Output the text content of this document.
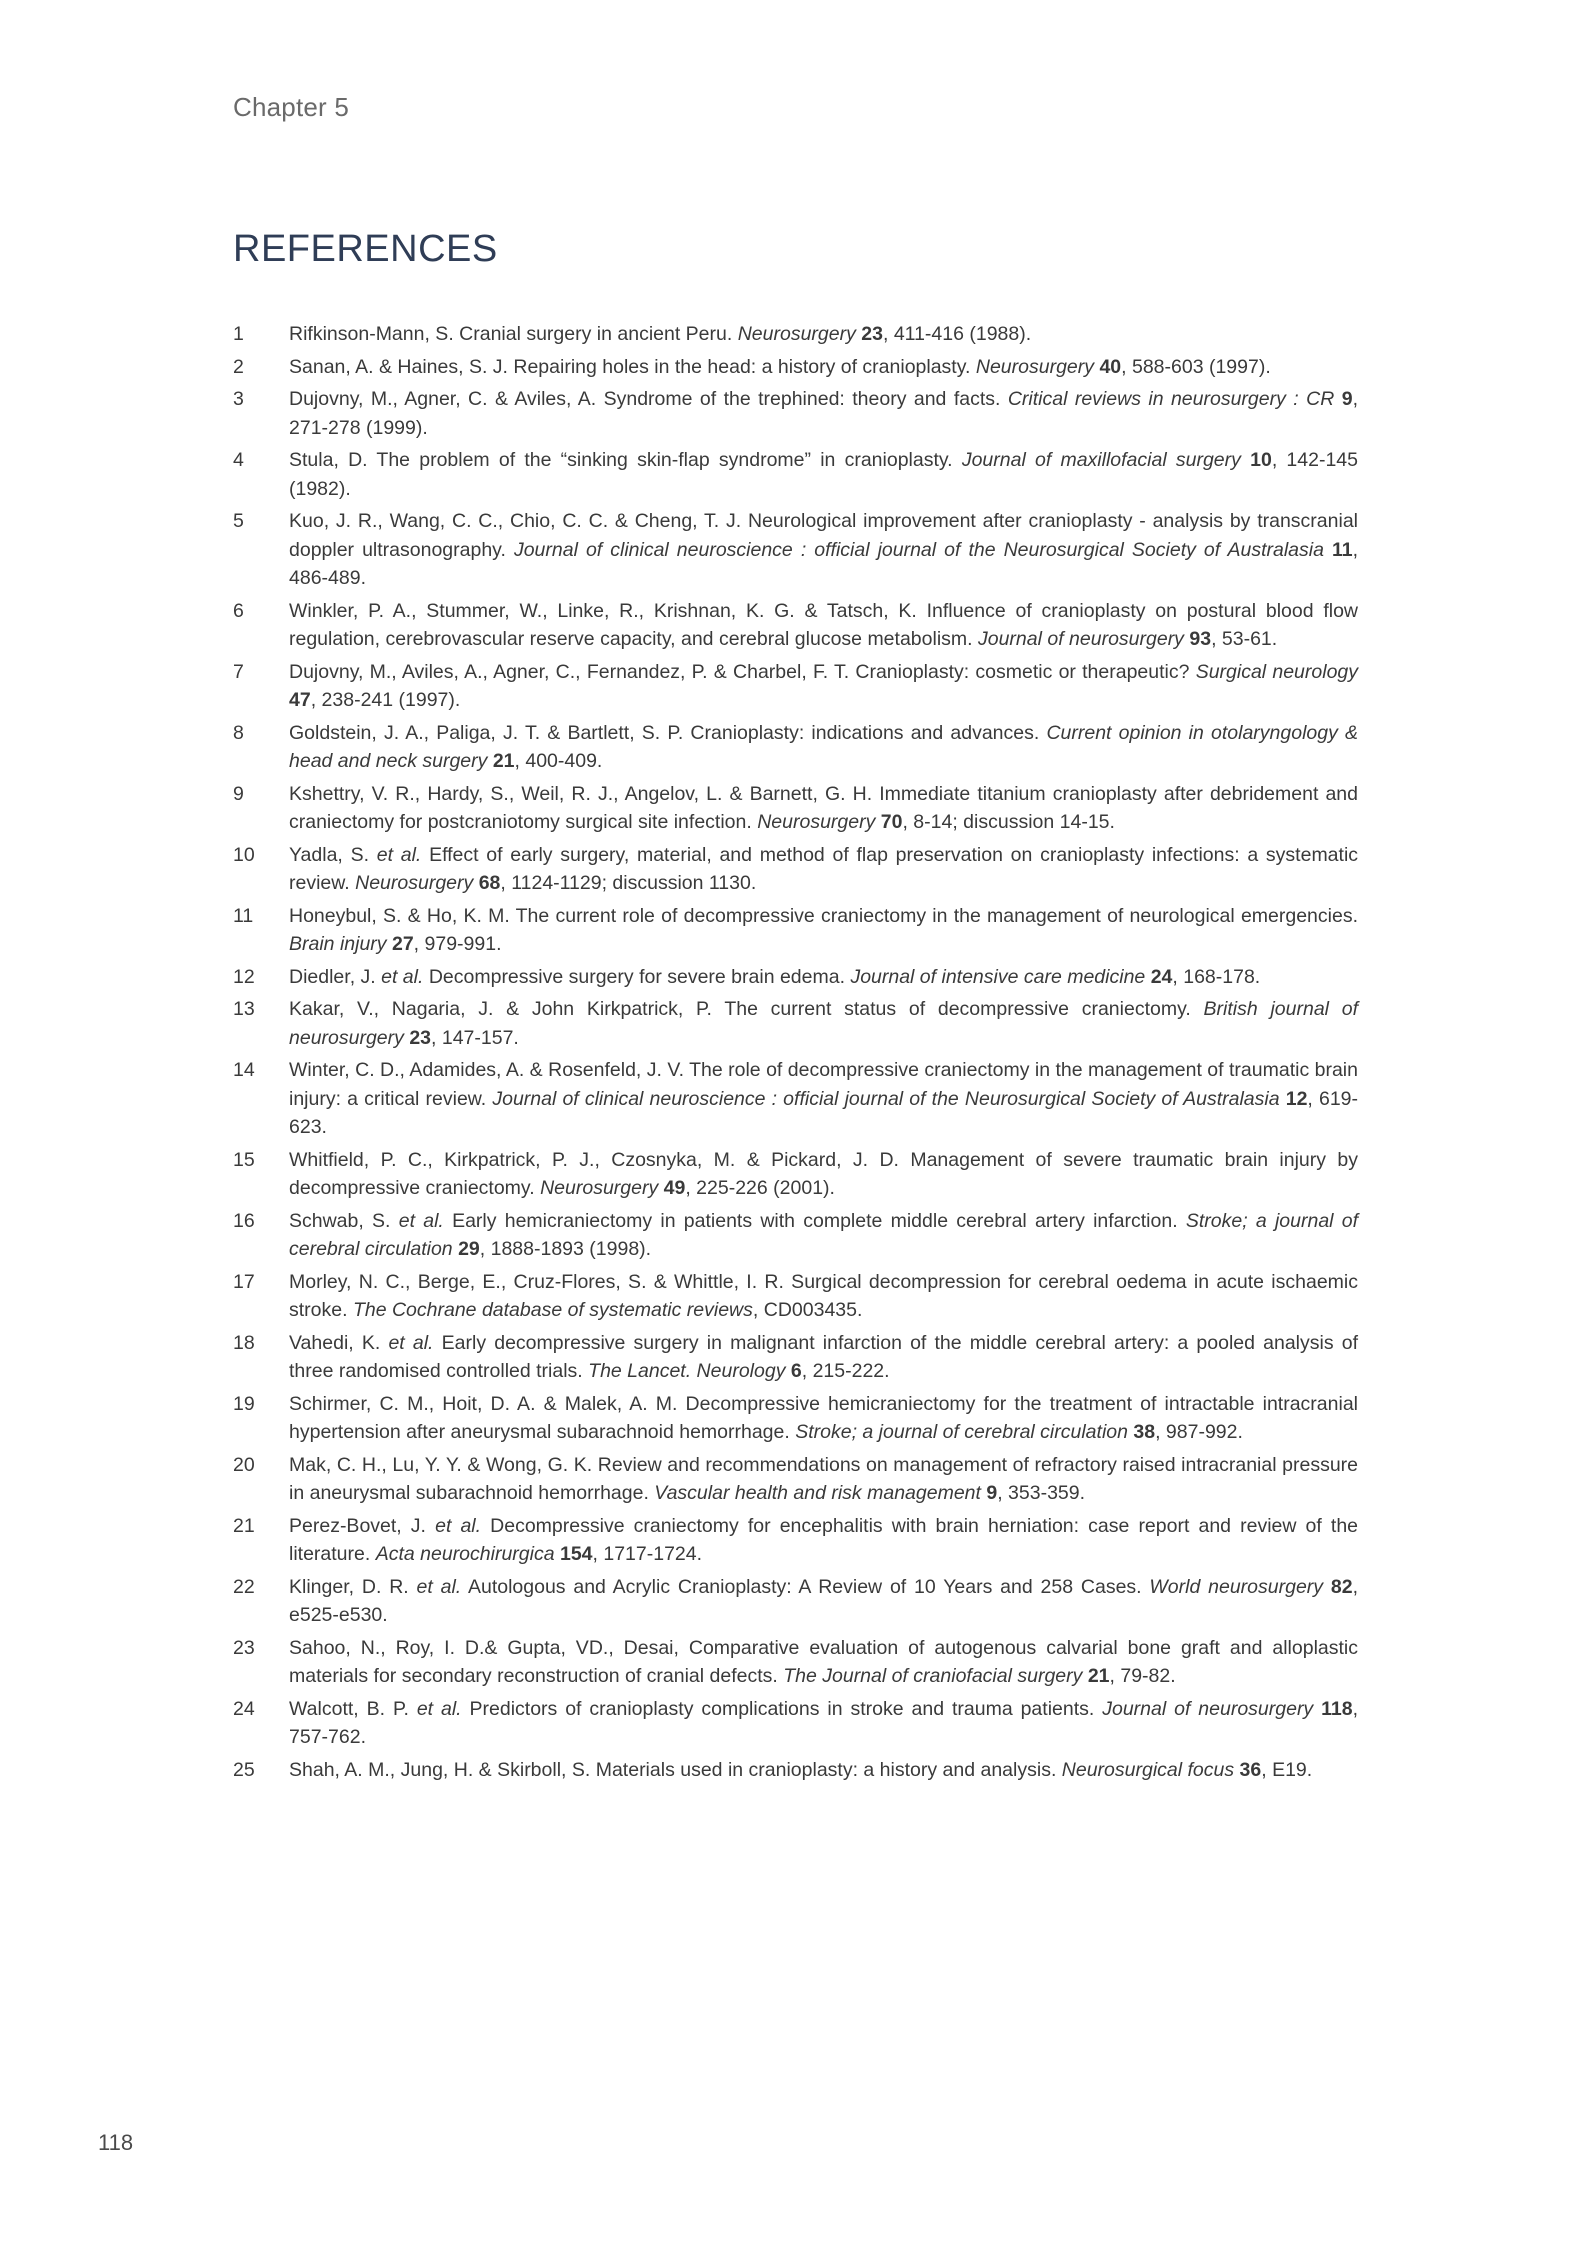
Chapter 5
REFERENCES
1	Rifkinson-Mann, S. Cranial surgery in ancient Peru. Neurosurgery 23, 411-416 (1988).
2	Sanan, A. & Haines, S. J. Repairing holes in the head: a history of cranioplasty. Neurosurgery 40, 588-603 (1997).
3	Dujovny, M., Agner, C. & Aviles, A. Syndrome of the trephined: theory and facts. Critical reviews in neurosurgery : CR 9, 271-278 (1999).
4	Stula, D. The problem of the “sinking skin-flap syndrome” in cranioplasty. Journal of maxillofacial surgery 10, 142-145 (1982).
5	Kuo, J. R., Wang, C. C., Chio, C. C. & Cheng, T. J. Neurological improvement after cranioplasty - analysis by transcranial doppler ultrasonography. Journal of clinical neuroscience : official journal of the Neurosurgical Society of Australasia 11, 486-489.
6	Winkler, P. A., Stummer, W., Linke, R., Krishnan, K. G. & Tatsch, K. Influence of cranioplasty on postural blood flow regulation, cerebrovascular reserve capacity, and cerebral glucose metabolism. Journal of neurosurgery 93, 53-61.
7	Dujovny, M., Aviles, A., Agner, C., Fernandez, P. & Charbel, F. T. Cranioplasty: cosmetic or therapeutic? Surgical neurology 47, 238-241 (1997).
8	Goldstein, J. A., Paliga, J. T. & Bartlett, S. P. Cranioplasty: indications and advances. Current opinion in otolaryngology & head and neck surgery 21, 400-409.
9	Kshettry, V. R., Hardy, S., Weil, R. J., Angelov, L. & Barnett, G. H. Immediate titanium cranioplasty after debridement and craniectomy for postcraniotomy surgical site infection. Neurosurgery 70, 8-14; discussion 14-15.
10	Yadla, S. et al. Effect of early surgery, material, and method of flap preservation on cranioplasty infections: a systematic review. Neurosurgery 68, 1124-1129; discussion 1130.
11	Honeybul, S. & Ho, K. M. The current role of decompressive craniectomy in the management of neurological emergencies. Brain injury 27, 979-991.
12	Diedler, J. et al. Decompressive surgery for severe brain edema. Journal of intensive care medicine 24, 168-178.
13	Kakar, V., Nagaria, J. & John Kirkpatrick, P. The current status of decompressive craniectomy. British journal of neurosurgery 23, 147-157.
14	Winter, C. D., Adamides, A. & Rosenfeld, J. V. The role of decompressive craniectomy in the management of traumatic brain injury: a critical review. Journal of clinical neuroscience : official journal of the Neurosurgical Society of Australasia 12, 619-623.
15	Whitfield, P. C., Kirkpatrick, P. J., Czosnyka, M. & Pickard, J. D. Management of severe traumatic brain injury by decompressive craniectomy. Neurosurgery 49, 225-226 (2001).
16	Schwab, S. et al. Early hemicraniectomy in patients with complete middle cerebral artery infarction. Stroke; a journal of cerebral circulation 29, 1888-1893 (1998).
17	Morley, N. C., Berge, E., Cruz-Flores, S. & Whittle, I. R. Surgical decompression for cerebral oedema in acute ischaemic stroke. The Cochrane database of systematic reviews, CD003435.
18	Vahedi, K. et al. Early decompressive surgery in malignant infarction of the middle cerebral artery: a pooled analysis of three randomised controlled trials. The Lancet. Neurology 6, 215-222.
19	Schirmer, C. M., Hoit, D. A. & Malek, A. M. Decompressive hemicraniectomy for the treatment of intractable intracranial hypertension after aneurysmal subarachnoid hemorrhage. Stroke; a journal of cerebral circulation 38, 987-992.
20	Mak, C. H., Lu, Y. Y. & Wong, G. K. Review and recommendations on management of refractory raised intracranial pressure in aneurysmal subarachnoid hemorrhage. Vascular health and risk management 9, 353-359.
21	Perez-Bovet, J. et al. Decompressive craniectomy for encephalitis with brain herniation: case report and review of the literature. Acta neurochirurgica 154, 1717-1724.
22	Klinger, D. R. et al. Autologous and Acrylic Cranioplasty: A Review of 10 Years and 258 Cases. World neurosurgery 82, e525-e530.
23	Sahoo, N., Roy, I. D.& Gupta, VD., Desai, Comparative evaluation of autogenous calvarial bone graft and alloplastic materials for secondary reconstruction of cranial defects. The Journal of craniofacial surgery 21, 79-82.
24	Walcott, B. P. et al. Predictors of cranioplasty complications in stroke and trauma patients. Journal of neurosurgery 118, 757-762.
25	Shah, A. M., Jung, H. & Skirboll, S. Materials used in cranioplasty: a history and analysis. Neurosurgical focus 36, E19.
118
